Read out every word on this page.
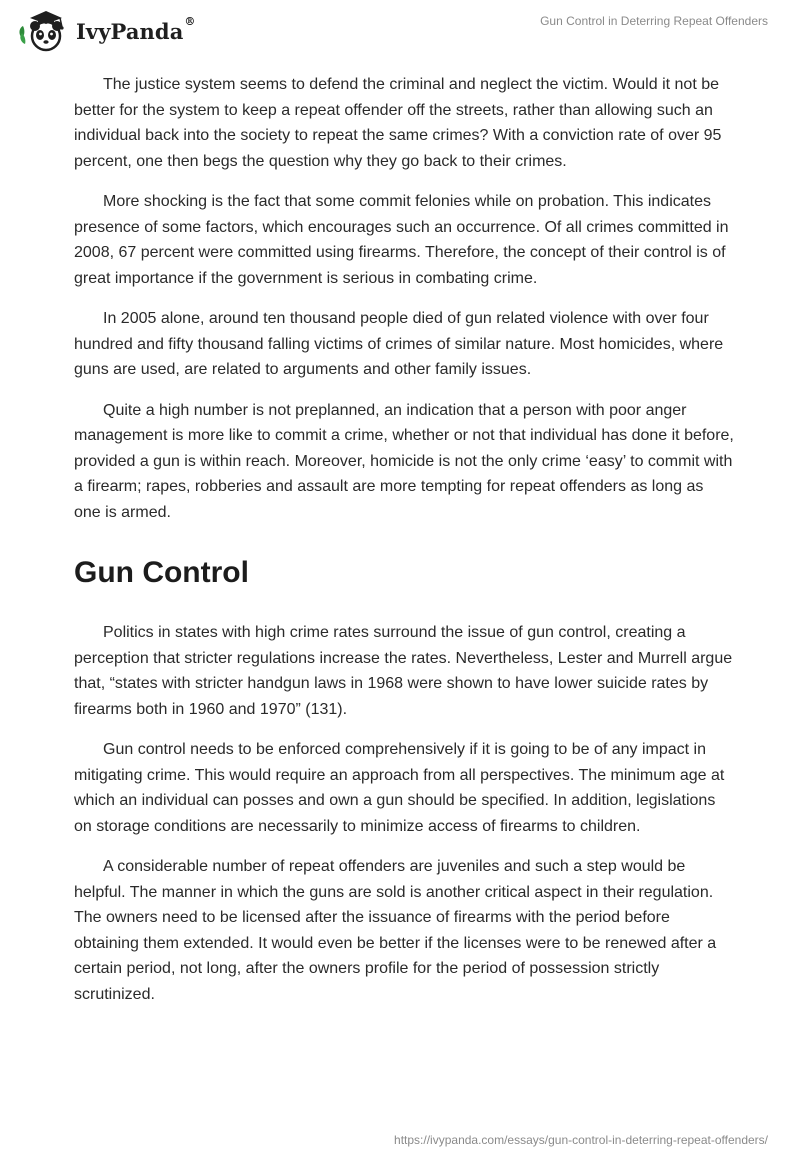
IvyPanda®	Gun Control in Deterring Repeat Offenders

The justice system seems to defend the criminal and neglect the victim. Would it not be better for the system to keep a repeat offender off the streets, rather than allowing such an individual back into the society to repeat the same crimes? With a conviction rate of over 95 percent, one then begs the question why they go back to their crimes.

More shocking is the fact that some commit felonies while on probation. This indicates presence of some factors, which encourages such an occurrence. Of all crimes committed in 2008, 67 percent were committed using firearms. Therefore, the concept of their control is of great importance if the government is serious in combating crime.

In 2005 alone, around ten thousand people died of gun related violence with over four hundred and fifty thousand falling victims of crimes of similar nature. Most homicides, where guns are used, are related to arguments and other family issues.

Quite a high number is not preplanned, an indication that a person with poor anger management is more like to commit a crime, whether or not that individual has done it before, provided a gun is within reach. Moreover, homicide is not the only crime ‘easy’ to commit with a firearm; rapes, robberies and assault are more tempting for repeat offenders as long as one is armed.

Gun Control

Politics in states with high crime rates surround the issue of gun control, creating a perception that stricter regulations increase the rates. Nevertheless, Lester and Murrell argue that, “states with stricter handgun laws in 1968 were shown to have lower suicide rates by firearms both in 1960 and 1970” (131).

Gun control needs to be enforced comprehensively if it is going to be of any impact in mitigating crime. This would require an approach from all perspectives. The minimum age at which an individual can posses and own a gun should be specified. In addition, legislations on storage conditions are necessarily to minimize access of firearms to children.

A considerable number of repeat offenders are juveniles and such a step would be helpful. The manner in which the guns are sold is another critical aspect in their regulation. The owners need to be licensed after the issuance of firearms with the period before obtaining them extended. It would even be better if the licenses were to be renewed after a certain period, not long, after the owners profile for the period of possession strictly scrutinized.

https://ivypanda.com/essays/gun-control-in-deterring-repeat-offenders/
